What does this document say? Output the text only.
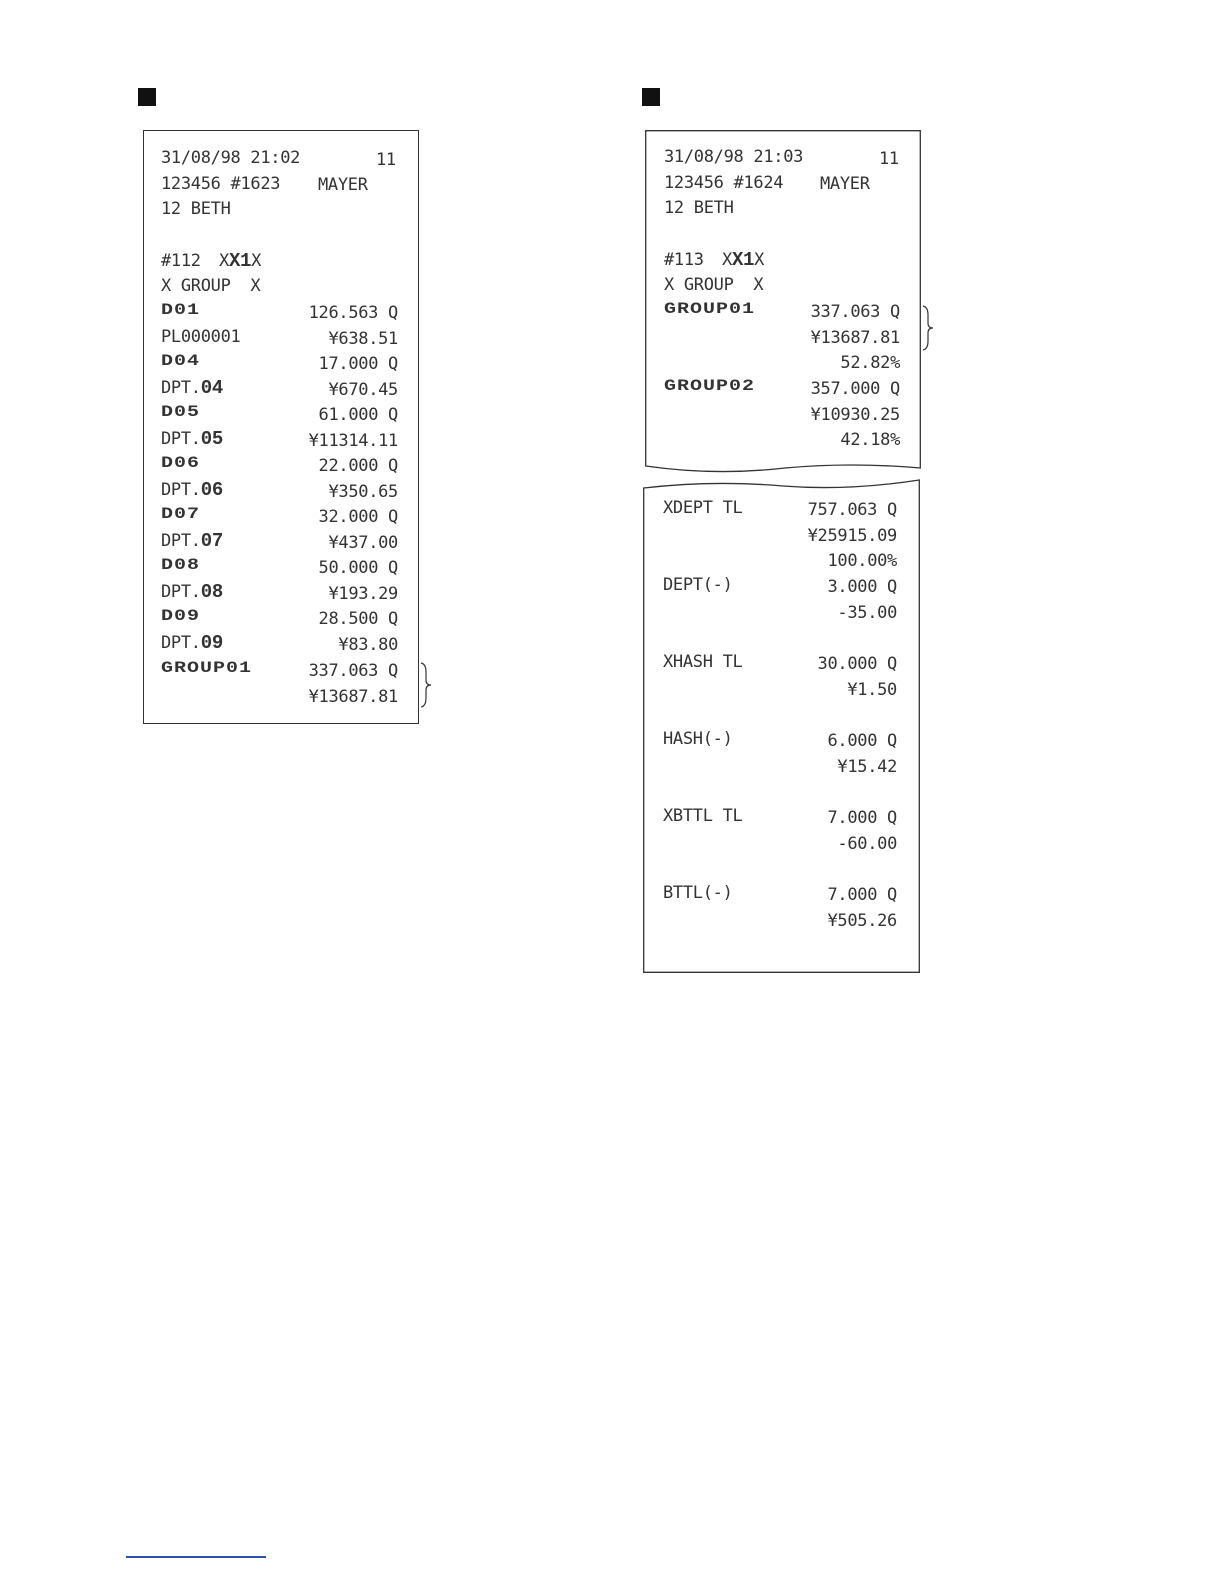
31/08/98 21:02	11
123456 #1623 MAYER
12 BETH
#112 XX1X
X GROUP  X
D01	126.563 Q
PL000001	¥638.51
D04	17.000 Q
DPT.04	¥670.45
D05	61.000 Q
DPT.05	¥11314.11
D06	22.000 Q
DPT.06	¥350.65
D07	32.000 Q
DPT.07	¥437.00
D08	50.000 Q
DPT.08	¥193.29
D09	28.500 Q
DPT.09	¥83.80
GROUP01	337.063 Q
¥13687.81
31/08/98 21:03	11
123456 #1624 MAYER
12 BETH
#113 XX1X
X GROUP  X
GROUP01	337.063 Q
¥13687.81
52.82%
GROUP02	357.000 Q
¥10930.25
42.18%
XDEPT TL	757.063 Q
¥25915.09
100.00%
DEPT(-)	3.000 Q
-35.00
XHASH TL	30.000 Q
¥1.50
HASH(-)	6.000 Q
¥15.42
XBTTL TL	7.000 Q
-60.00
BTTL(-)	7.000 Q
¥505.26
